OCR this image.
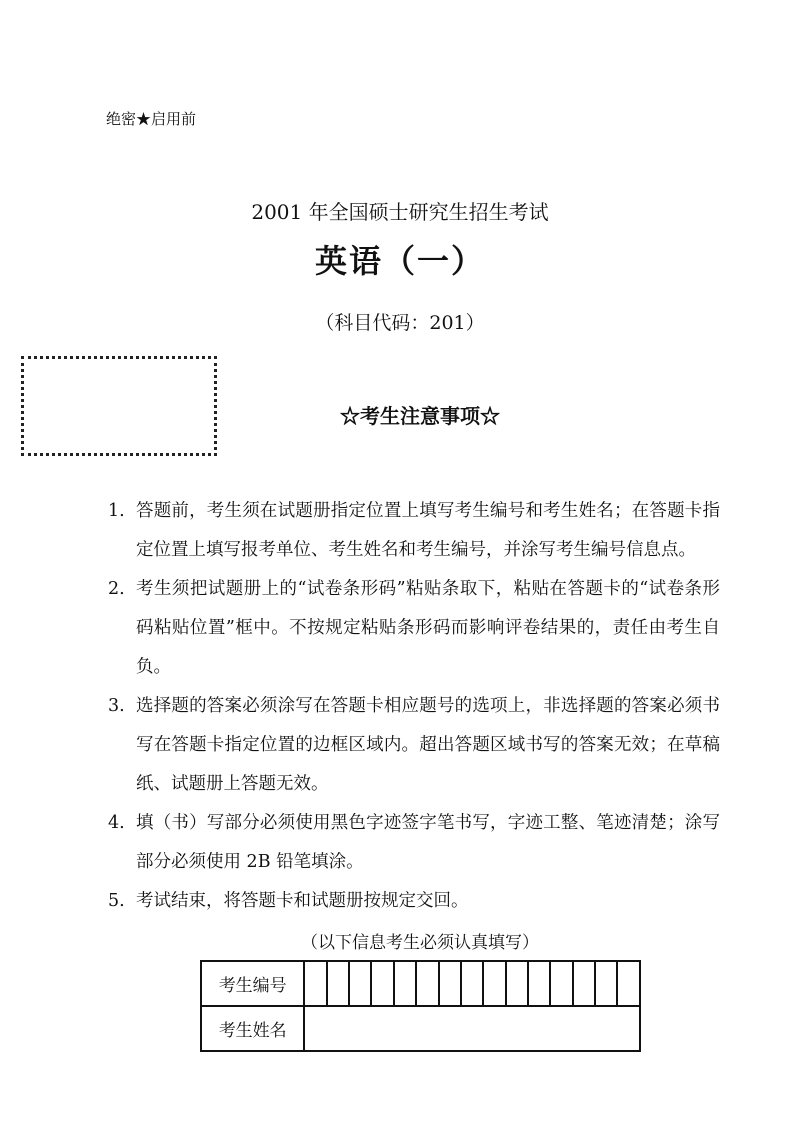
绝密★启用前
2001 年全国硕士研究生招生考试
英语（一）
（科目代码：201）
☆考生注意事项☆
1. 答题前，考生须在试题册指定位置上填写考生编号和考生姓名；在答题卡指定位置上填写报考单位、考生姓名和考生编号，并涂写考生编号信息点。
2. 考生须把试题册上的“试卷条形码”粘贴条取下，粘贴在答题卡的“试卷条形码粘贴位置”框中。不按规定粘贴条形码而影响评卷结果的，责任由考生自负。
3. 选择题的答案必须涂写在答题卡相应题号的选项上，非选择题的答案必须书写在答题卡指定位置的边框区域内。超出答题区域书写的答案无效；在草稿纸、试题册上答题无效。
4. 填（书）写部分必须使用黑色字迹签字笔书写，字迹工整、笔迹清楚；涂写部分必须使用 2B 铅笔填涂。
5. 考试结束，将答题卡和试题册按规定交回。
（以下信息考生必须认真填写）
考生编号															
考生姓名															
